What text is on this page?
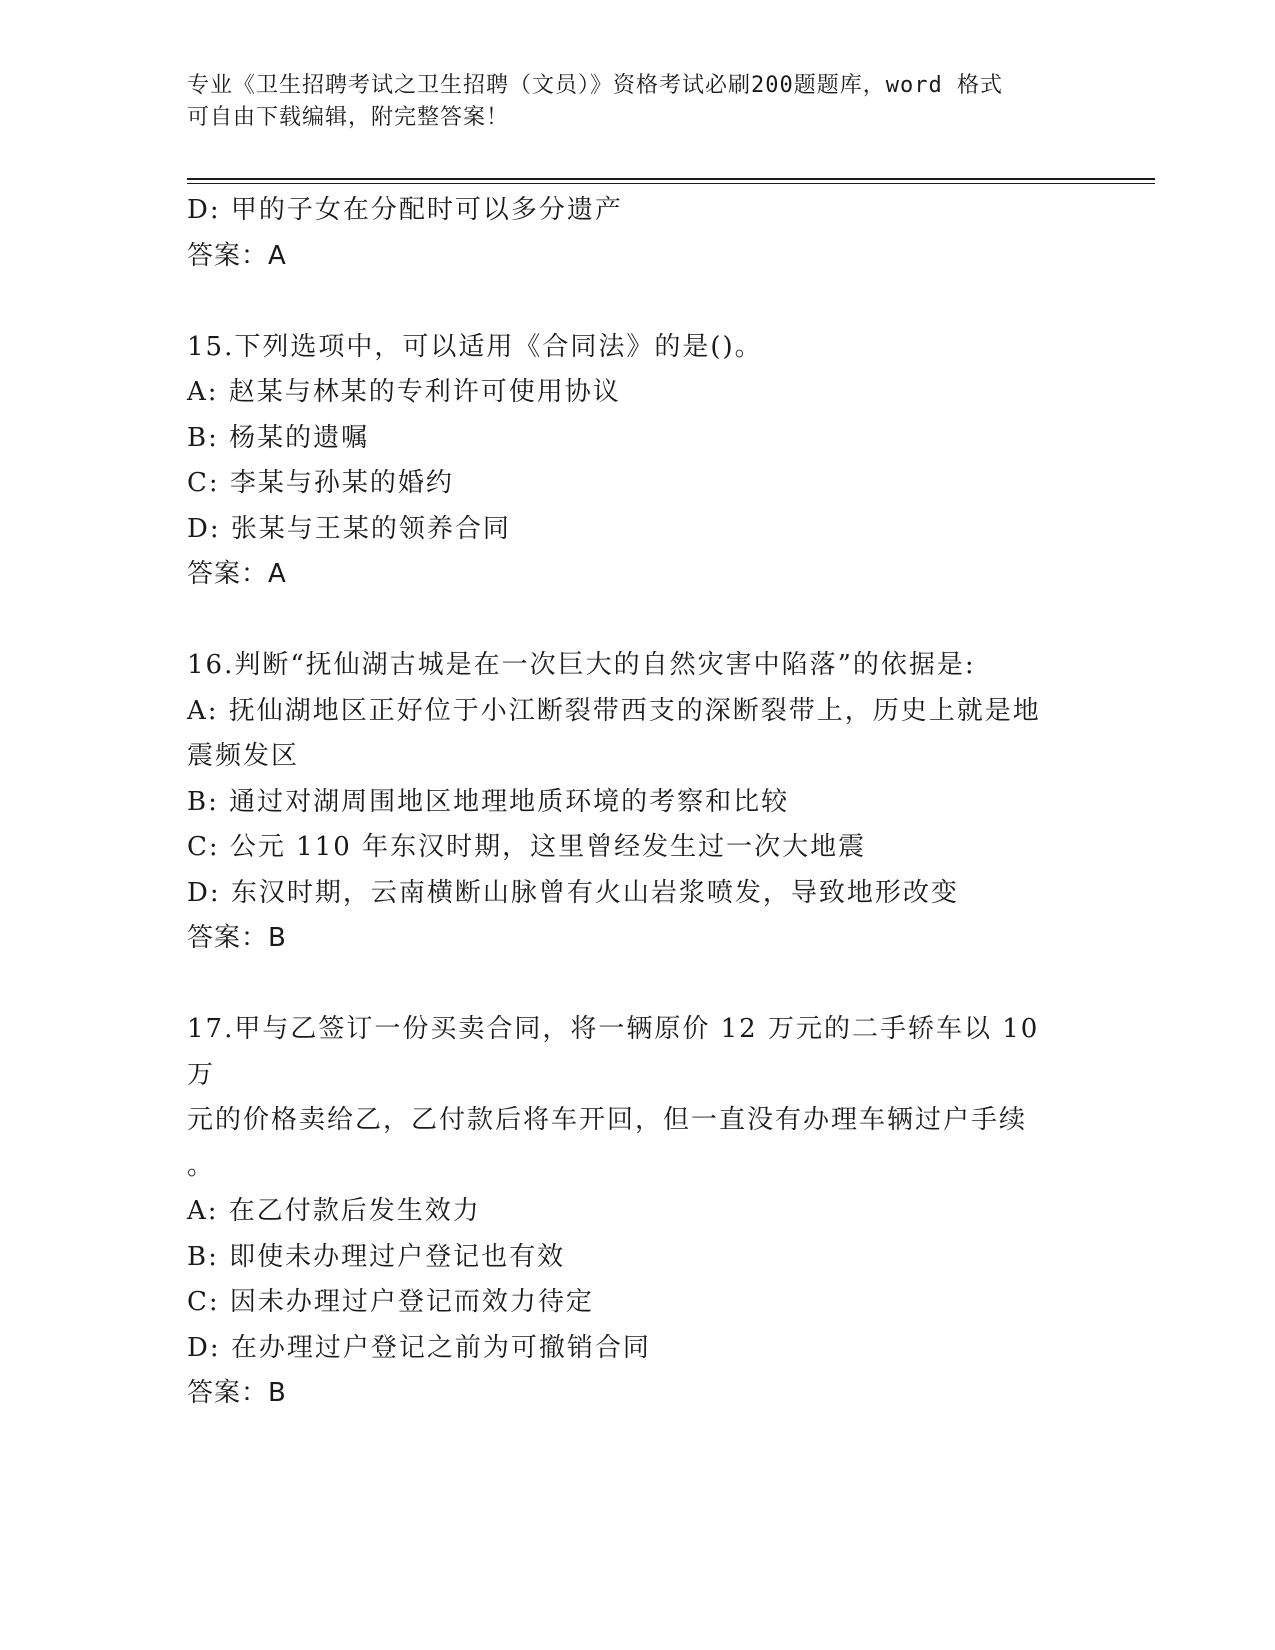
专业《卫生招聘考试之卫生招聘（文员）》资格考试必刷200题题库，word 格式
可自由下载编辑，附完整答案！
D: 甲的子女在分配时可以多分遗产
答案：A
15.下列选项中，可以适用《合同法》的是()。
A: 赵某与林某的专利许可使用协议
B: 杨某的遗嘱
C: 李某与孙某的婚约
D: 张某与王某的领养合同
答案：A
16.判断“抚仙湖古城是在一次巨大的自然灾害中陷落”的依据是:
A: 抚仙湖地区正好位于小江断裂带西支的深断裂带上，历史上就是地震频发区
B: 通过对湖周围地区地理地质环境的考察和比较
C: 公元 110 年东汉时期，这里曾经发生过一次大地震
D: 东汉时期，云南横断山脉曾有火山岩浆喷发，导致地形改变
答案：B
17.甲与乙签订一份买卖合同，将一辆原价 12 万元的二手轿车以 10 万
元的价格卖给乙，乙付款后将车开回，但一直没有办理车辆过户手续
。
A: 在乙付款后发生效力
B: 即使未办理过户登记也有效
C: 因未办理过户登记而效力待定
D: 在办理过户登记之前为可撤销合同
答案：B
